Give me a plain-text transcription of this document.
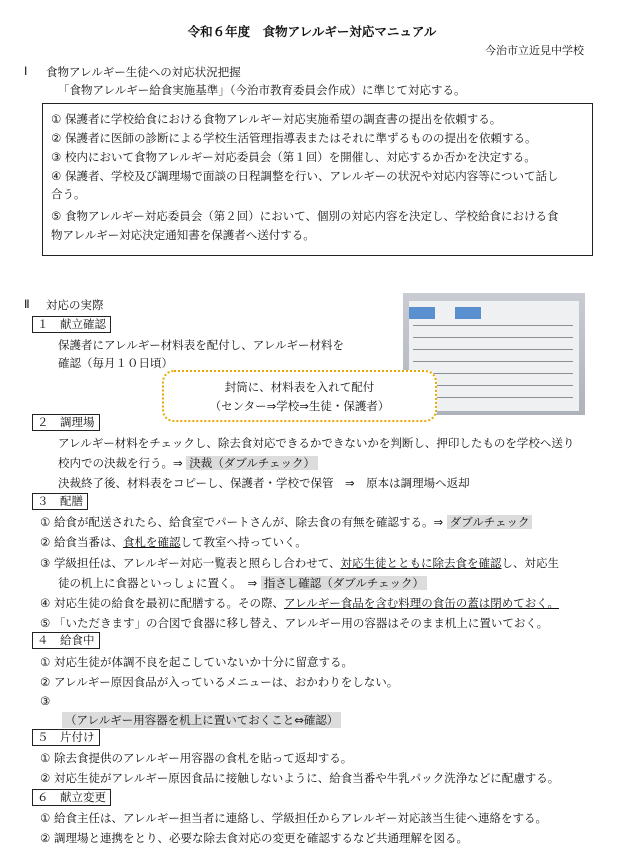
令和６年度　食物アレルギー対応マニュアル
今治市立近見中学校
Ⅰ 食物アレルギー生徒への対応状況把握
「食物アレルギー給食実施基準」（今治市教育委員会作成）に準じて対応する。
① 保護者に学校給食における食物アレルギー対応実施希望の調査書の提出を依頼する。
② 保護者に医師の診断による学校生活管理指導表またはそれに準ずるものの提出を依頼する。
③ 校内において食物アレルギー対応委員会（第１回）を開催し、対応するか否かを決定する。
④ 保護者、学校及び調理場で面談の日程調整を行い、アレルギーの状況や対応内容等について話し
合う。
⑤ 食物アレルギー対応委員会（第２回）において、個別の対応内容を決定し、学校給食における食
物アレルギー対応決定通知書を保護者へ送付する。
Ⅱ 対応の実際
１　献立確認
保護者にアレルギー材料表を配付し、アレルギー材料を
確認（毎月１０日頃）
封筒に、材料表を入れて配付
（センター⇒学校⇒生徒・保護者）
２　調理場
アレルギー材料をチェックし、除去食対応できるかできないかを判断し、押印したものを学校へ送り
校内での決裁を行う。⇒ 決裁（ダブルチェック）
決裁終了後、材料表をコピーし、保護者・学校で保管　⇒　原本は調理場へ返却
３　配膳
① 給食が配送されたら、給食室でパートさんが、除去食の有無を確認する。⇒ ダブルチェック
② 給食当番は、食札を確認して教室へ持っていく。
③ 学級担任は、アレルギー対応一覧表と照らし合わせて、対応生徒とともに除去食を確認し、対応生
徒の机上に食器といっしょに置く。　⇒ 指さし確認（ダブルチェック）
④ 対応生徒の給食を最初に配膳する。その際、アレルギー食品を含む料理の食缶の蓋は閉めておく。
⑤ 「いただきます」の合図で食器に移し替え、アレルギー用の容器はそのまま机上に置いておく。
４　給食中
① 対応生徒が体調不良を起こしていないか十分に留意する。
② アレルギー原因食品が入っているメニューは、おかわりをしない。
③
（アレルギー用容器を机上に置いておくこと⇔確認）
５　片付け
① 除去食提供のアレルギー用容器の食札を貼って返却する。
② 対応生徒がアレルギー原因食品に接触しないように、給食当番や牛乳パック洗浄などに配慮する。
６　献立変更
① 給食主任は、アレルギー担当者に連絡し、学級担任からアレルギー対応該当生徒へ連絡をする。
② 調理場と連携をとり、必要な除去食対応の変更を確認するなど共通理解を図る。
